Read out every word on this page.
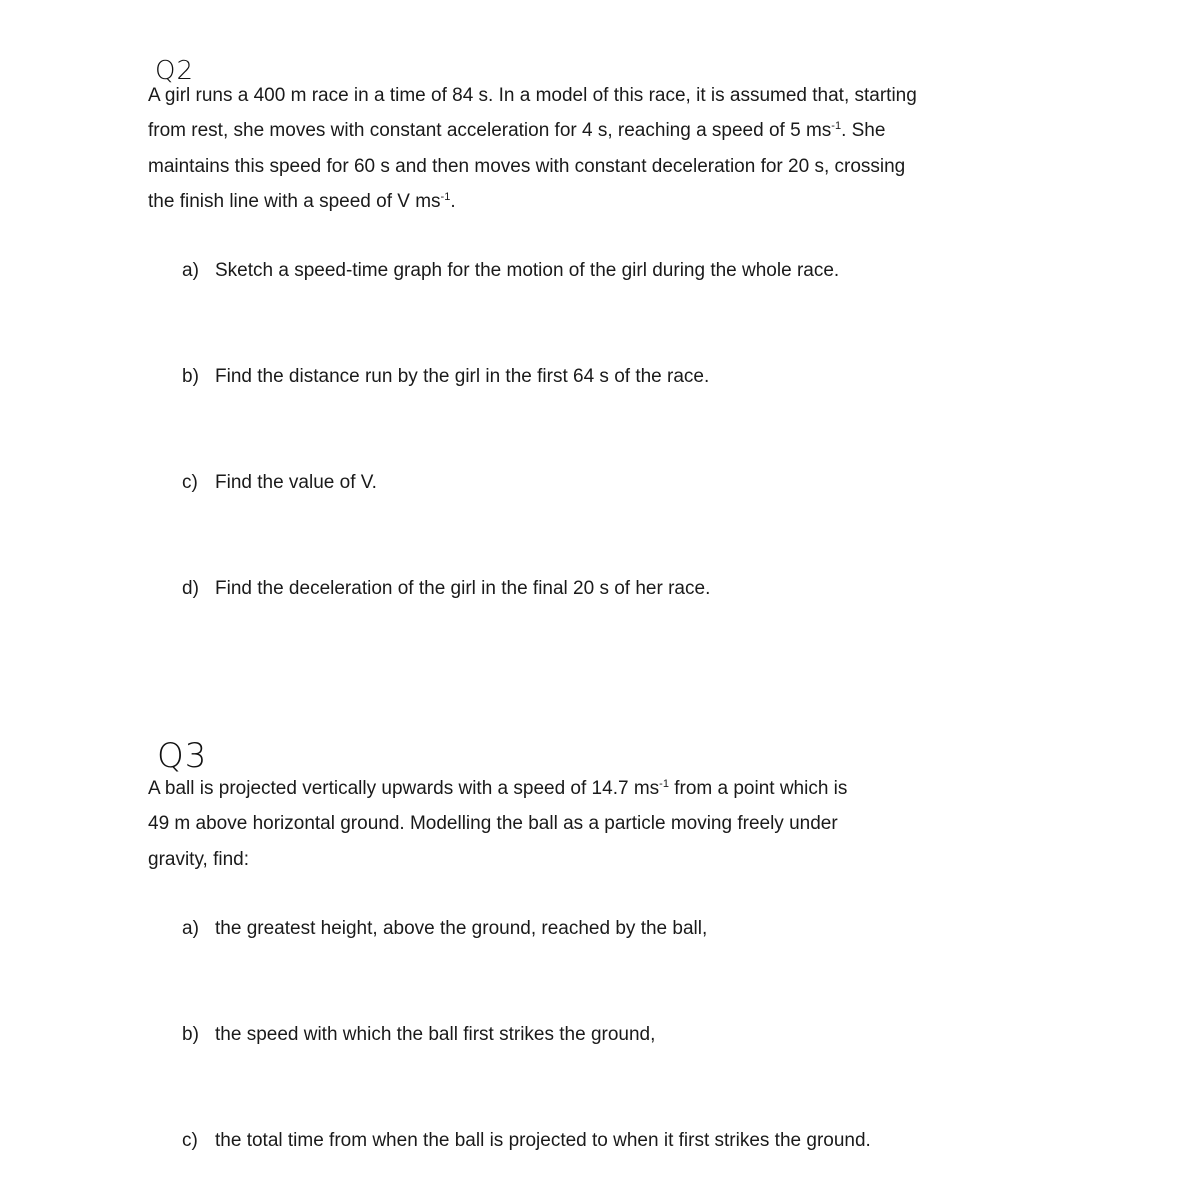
Q2

A girl runs a 400 m race in a time of 84 s. In a model of this race, it is assumed that, starting
from rest, she moves with constant acceleration for 4 s, reaching a speed of 5 $ms^{-1}$. She
maintains this speed for 60 s and then moves with constant deceleration for 20 s, crossing
the finish line with a speed of V $ms^{-1}$.

a) Sketch a speed-time graph for the motion of the girl during the whole race.
b) Find the distance run by the girl in the first 64 s of the race.
c) Find the value of V.
d) Find the deceleration of the girl in the final 20 s of her race.
Q3

A ball is projected vertically upwards with a speed of 14.7 $ms^{-1}$ from a point which is
49 m above horizontal ground. Modelling the ball as a particle moving freely under
gravity, find:

a) the greatest height, above the ground, reached by the ball,
b) the speed with which the ball first strikes the ground,
c) the total time from when the ball is projected to when it first strikes the ground.
